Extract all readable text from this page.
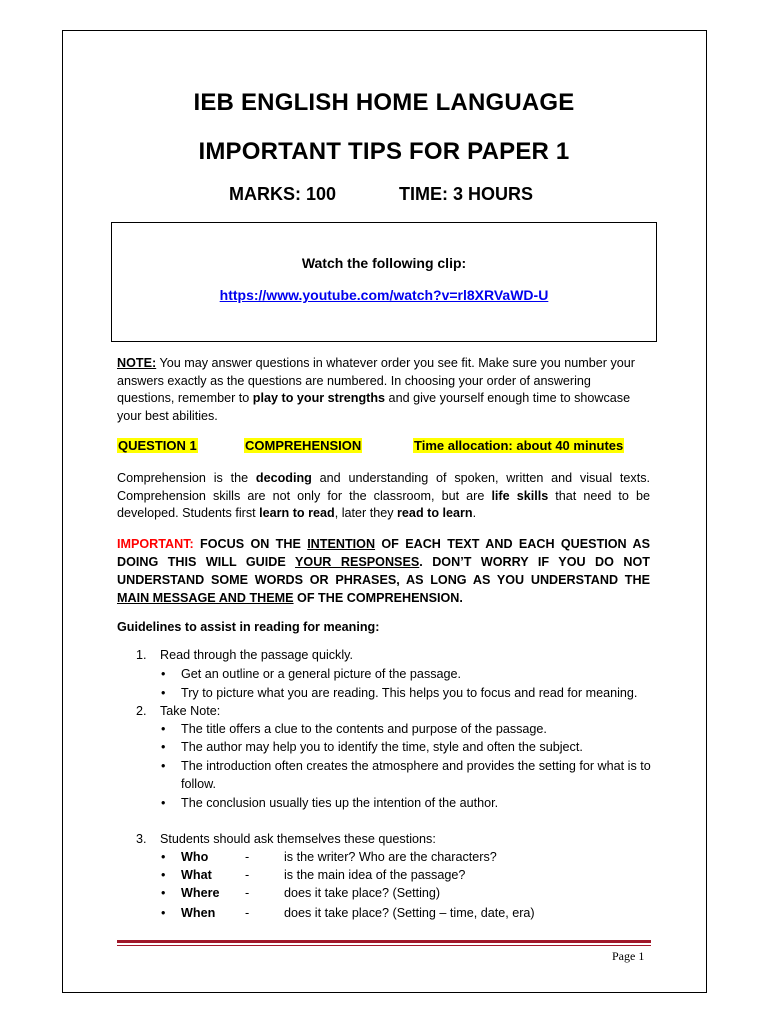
IEB ENGLISH HOME LANGUAGE
IMPORTANT TIPS FOR PAPER 1
MARKS: 100	TIME: 3 HOURS
Watch the following clip:
https://www.youtube.com/watch?v=rl8XRVaWD-U
NOTE: You may answer questions in whatever order you see fit. Make sure you number your answers exactly as the questions are numbered. In choosing your order of answering questions, remember to play to your strengths and give yourself enough time to showcase your best abilities.
QUESTION 1	COMPREHENSION	Time allocation: about 40 minutes
Comprehension is the decoding and understanding of spoken, written and visual texts. Comprehension skills are not only for the classroom, but are life skills that need to be developed. Students first learn to read, later they read to learn.
IMPORTANT: FOCUS ON THE INTENTION OF EACH TEXT AND EACH QUESTION AS DOING THIS WILL GUIDE YOUR RESPONSES. DON’T WORRY IF YOU DO NOT UNDERSTAND SOME WORDS OR PHRASES, AS LONG AS YOU UNDERSTAND THE MAIN MESSAGE AND THEME OF THE COMPREHENSION.
Guidelines to assist in reading for meaning:
1. Read through the passage quickly.
• Get an outline or a general picture of the passage.
• Try to picture what you are reading. This helps you to focus and read for meaning.
2. Take Note:
• The title offers a clue to the contents and purpose of the passage.
• The author may help you to identify the time, style and often the subject.
• The introduction often creates the atmosphere and provides the setting for what is to follow.
• The conclusion usually ties up the intention of the author.
3. Students should ask themselves these questions:
• Who	-	is the writer? Who are the characters?
• What	-	is the main idea of the passage?
• Where -	does it take place? (Setting)
• When -	does it take place? (Setting – time, date, era)
Page 1
